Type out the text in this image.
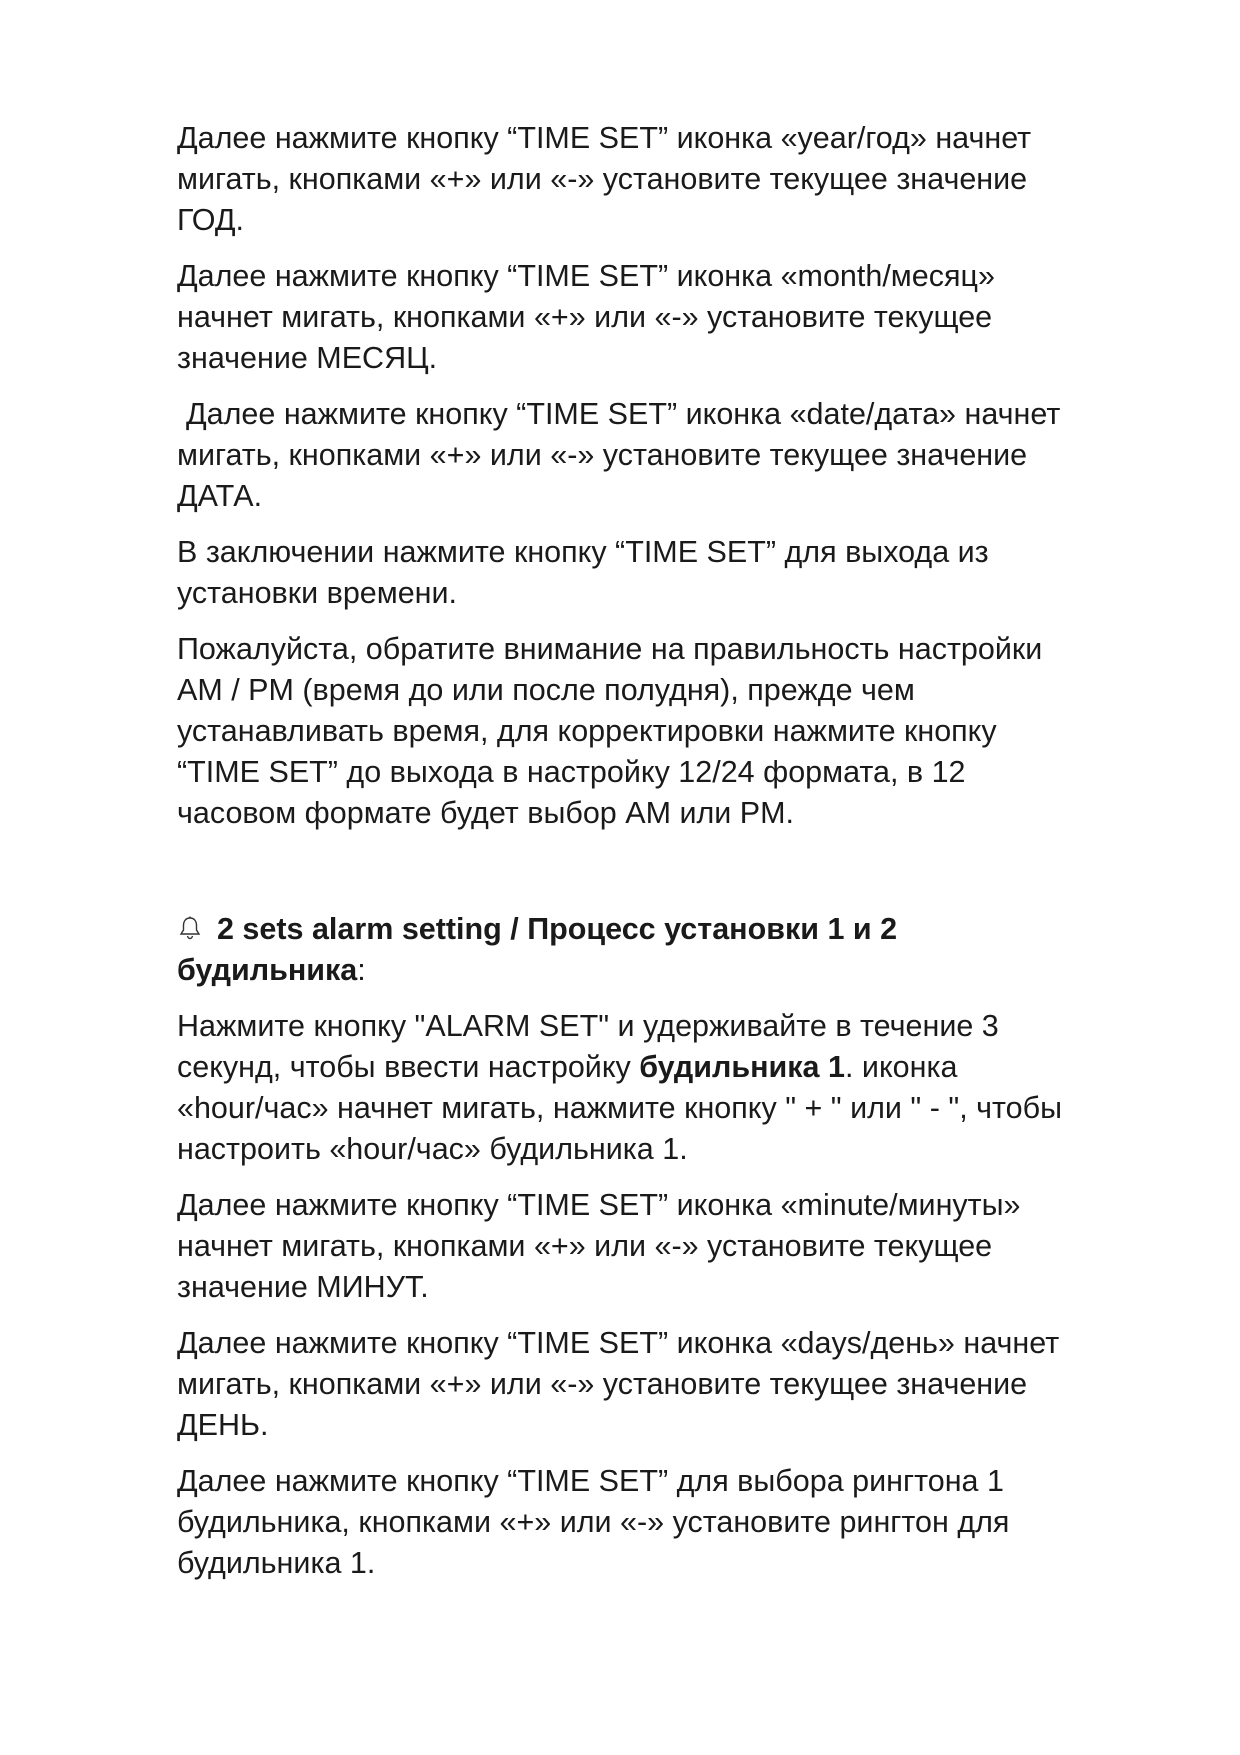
Далее нажмите кнопку “TIME SET” иконка «year/год» начнет
мигать, кнопками «+» или «-» установите текущее значение
ГОД.

Далее нажмите кнопку “TIME SET” иконка «month/месяц»
начнет мигать, кнопками «+» или «-» установите текущее
значение МЕСЯЦ.

Далее нажмите кнопку “TIME SET” иконка «date/дата» начнет
мигать, кнопками «+» или «-» установите текущее значение
ДАТА.

В заключении нажмите кнопку “TIME SET” для выхода из
установки времени.

Пожалуйста, обратите внимание на правильность настройки
AM / PM (время до или после полудня), прежде чем
устанавливать время, для корректировки нажмите кнопку
“TIME SET” до выхода в настройку 12/24 формата, в 12
часовом формате будет выбор AM или PM.

2 sets alarm setting / Процесс установки 1 и 2
будильника:

Нажмите кнопку "ALARM SET" и удерживайте в течение 3
секунд, чтобы ввести настройку будильника 1. иконка
«hour/час» начнет мигать, нажмите кнопку " + " или " - ", чтобы
настроить «hour/час» будильника 1.

Далее нажмите кнопку “TIME SET” иконка «minute/минуты»
начнет мигать, кнопками «+» или «-» установите текущее
значение МИНУТ.

Далее нажмите кнопку “TIME SET” иконка «days/день» начнет
мигать, кнопками «+» или «-» установите текущее значение
ДЕНЬ.

Далее нажмите кнопку “TIME SET” для выбора рингтона 1
будильника, кнопками «+» или «-» установите рингтон для
будильника 1.
